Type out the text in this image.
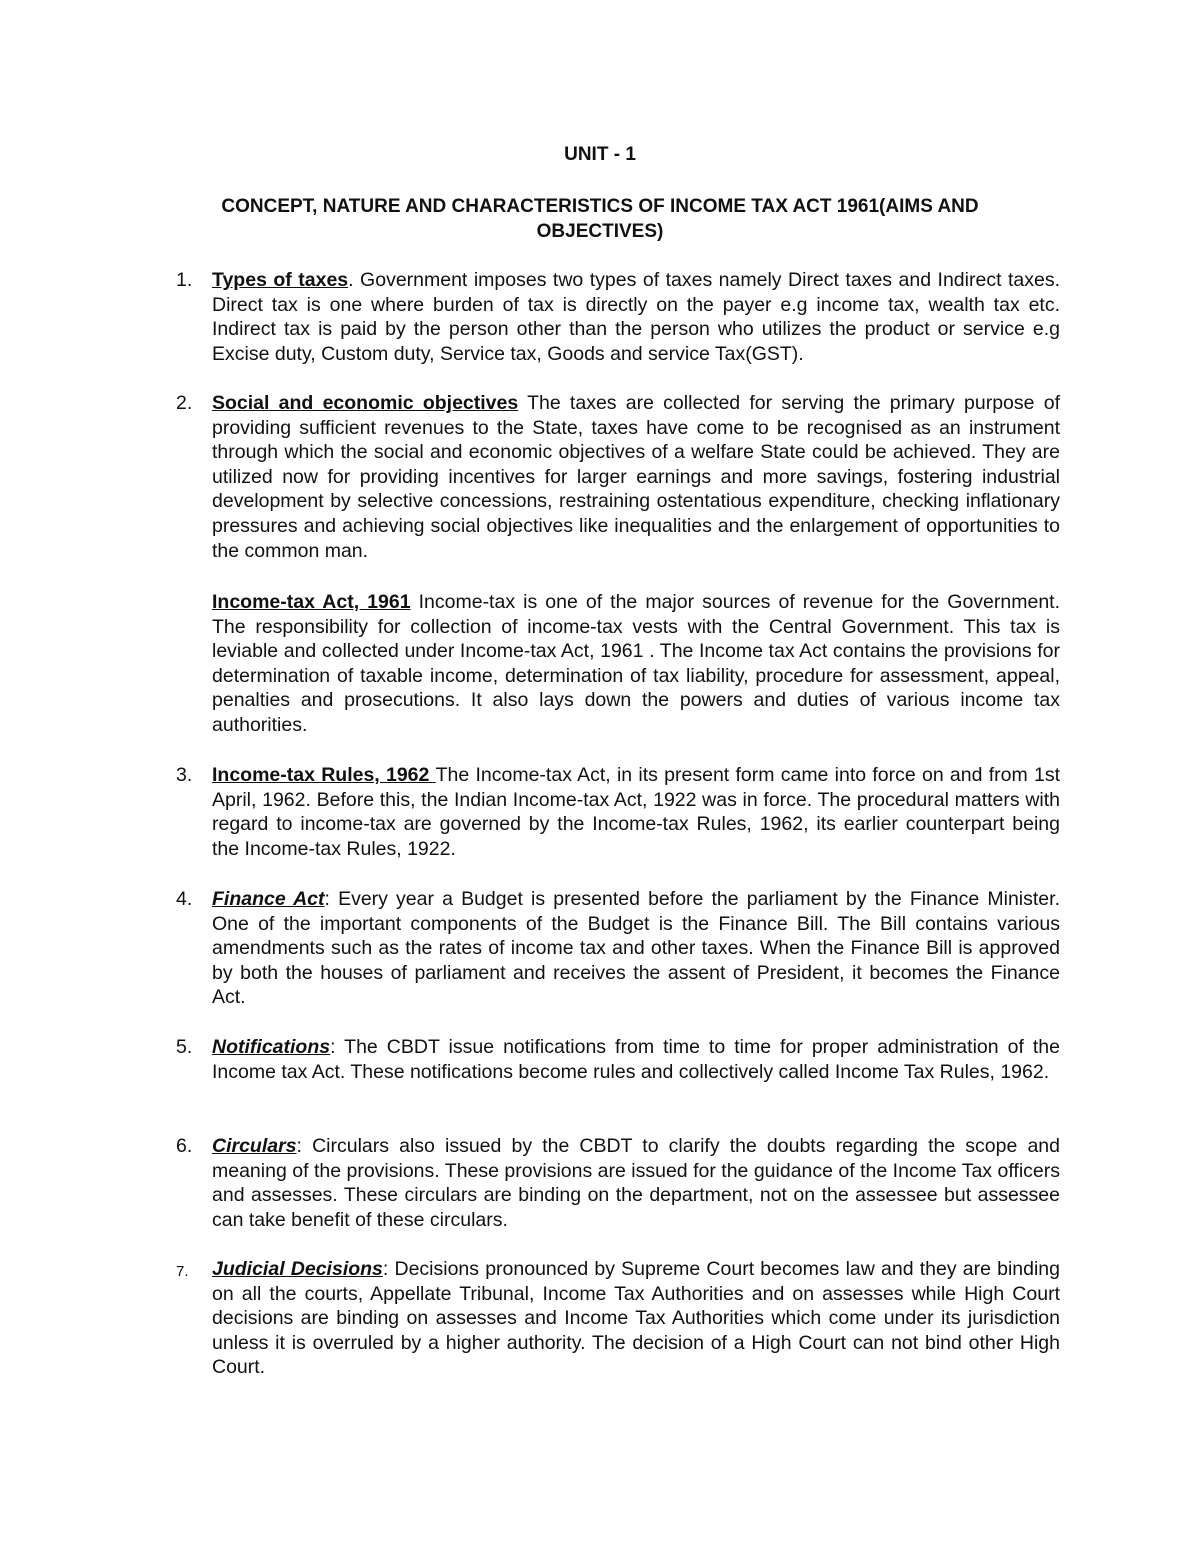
UNIT - 1
CONCEPT, NATURE AND CHARACTERISTICS OF INCOME TAX ACT 1961(AIMS AND OBJECTIVES)
1. Types of taxes. Government imposes two types of taxes namely Direct taxes and Indirect taxes. Direct tax is one where burden of tax is directly on the payer e.g income tax, wealth tax etc. Indirect tax is paid by the person other than the person who utilizes the product or service e.g Excise duty, Custom duty, Service tax, Goods and service Tax(GST).
2. Social and economic objectives The taxes are collected for serving the primary purpose of providing sufficient revenues to the State, taxes have come to be recognised as an instrument through which the social and economic objectives of a welfare State could be achieved. They are utilized now for providing incentives for larger earnings and more savings, fostering industrial development by selective concessions, restraining ostentatious expenditure, checking inflationary pressures and achieving social objectives like inequalities and the enlargement of opportunities to the common man.
Income-tax Act, 1961 Income-tax is one of the major sources of revenue for the Government. The responsibility for collection of income-tax vests with the Central Government. This tax is leviable and collected under Income-tax Act, 1961 . The Income tax Act contains the provisions for determination of taxable income, determination of tax liability, procedure for assessment, appeal, penalties and prosecutions. It also lays down the powers and duties of various income tax authorities.
3. Income-tax Rules, 1962 The Income-tax Act, in its present form came into force on and from 1st April, 1962. Before this, the Indian Income-tax Act, 1922 was in force. The procedural matters with regard to income-tax are governed by the Income-tax Rules, 1962, its earlier counterpart being the Income-tax Rules, 1922.
4. Finance Act: Every year a Budget is presented before the parliament by the Finance Minister. One of the important components of the Budget is the Finance Bill. The Bill contains various amendments such as the rates of income tax and other taxes. When the Finance Bill is approved by both the houses of parliament and receives the assent of President, it becomes the Finance Act.
5. Notifications: The CBDT issue notifications from time to time for proper administration of the Income tax Act. These notifications become rules and collectively called Income Tax Rules, 1962.
6. Circulars: Circulars also issued by the CBDT to clarify the doubts regarding the scope and meaning of the provisions. These provisions are issued for the guidance of the Income Tax officers and assesses. These circulars are binding on the department, not on the assessee but assessee can take benefit of these circulars.
7. Judicial Decisions: Decisions pronounced by Supreme Court becomes law and they are binding on all the courts, Appellate Tribunal, Income Tax Authorities and on assesses while High Court decisions are binding on assesses and Income Tax Authorities which come under its jurisdiction unless it is overruled by a higher authority. The decision of a High Court can not bind other High Court.
